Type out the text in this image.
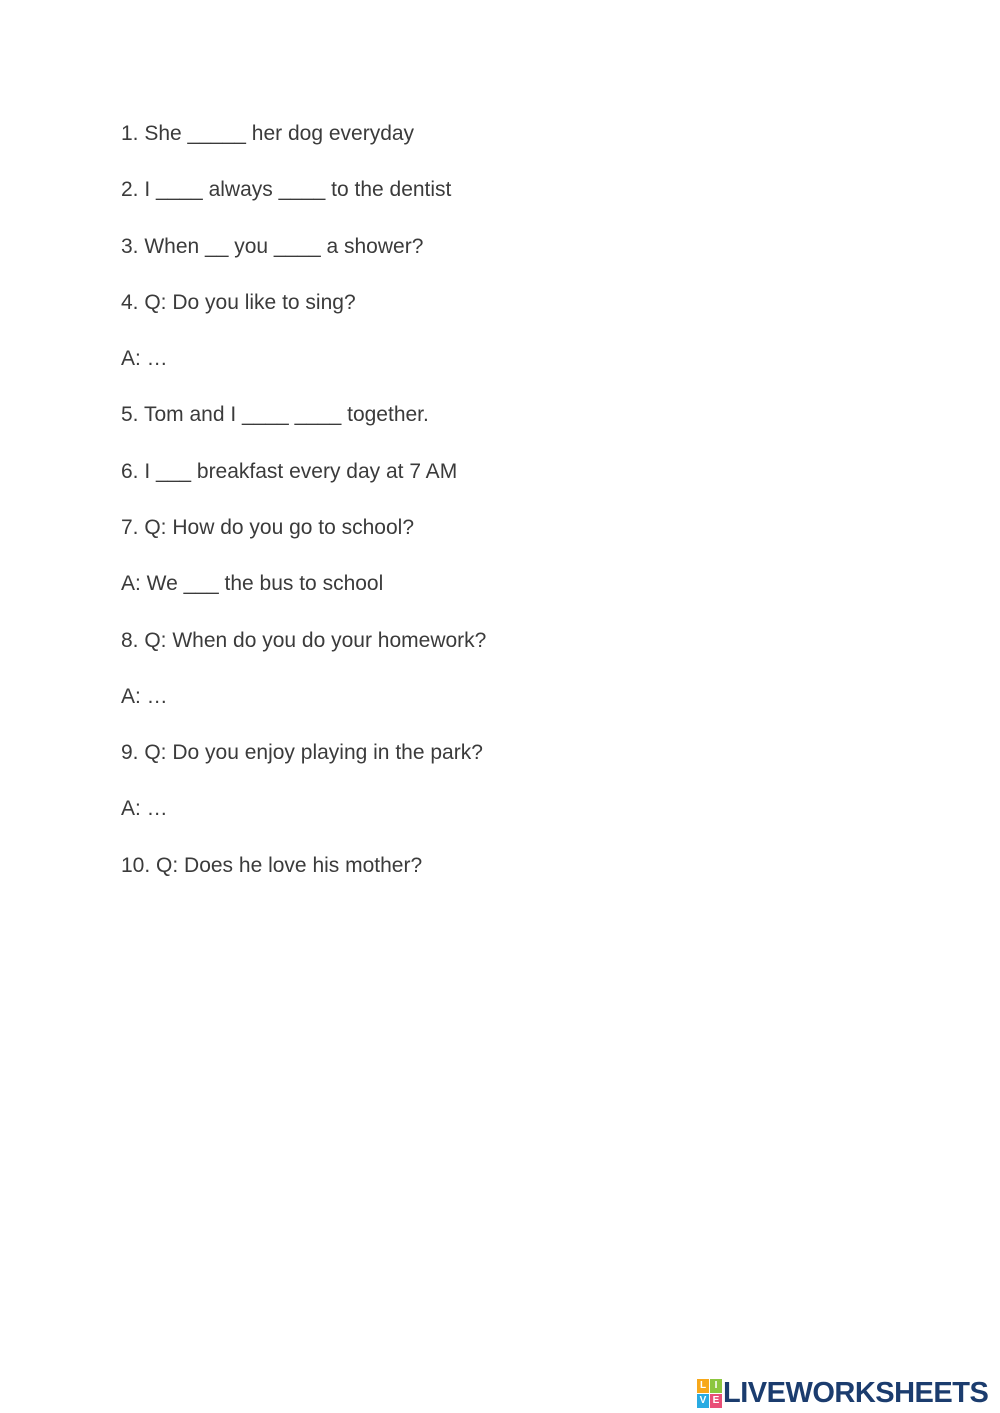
1. She _____ her dog everyday
2. I ____ always ____ to the dentist
3. When __ you ____ a shower?
4. Q: Do you like to sing?
A: …
5. Tom and I ____ ____ together.
6. I ___ breakfast every day at 7 AM
7. Q: How do you go to school?
A: We ___ the bus to school
8. Q: When do you do your homework?
A: …
9. Q: Do you enjoy playing in the park?
A: …
10. Q: Does he love his mother?
L I
V E LIVEWORKSHEETS
